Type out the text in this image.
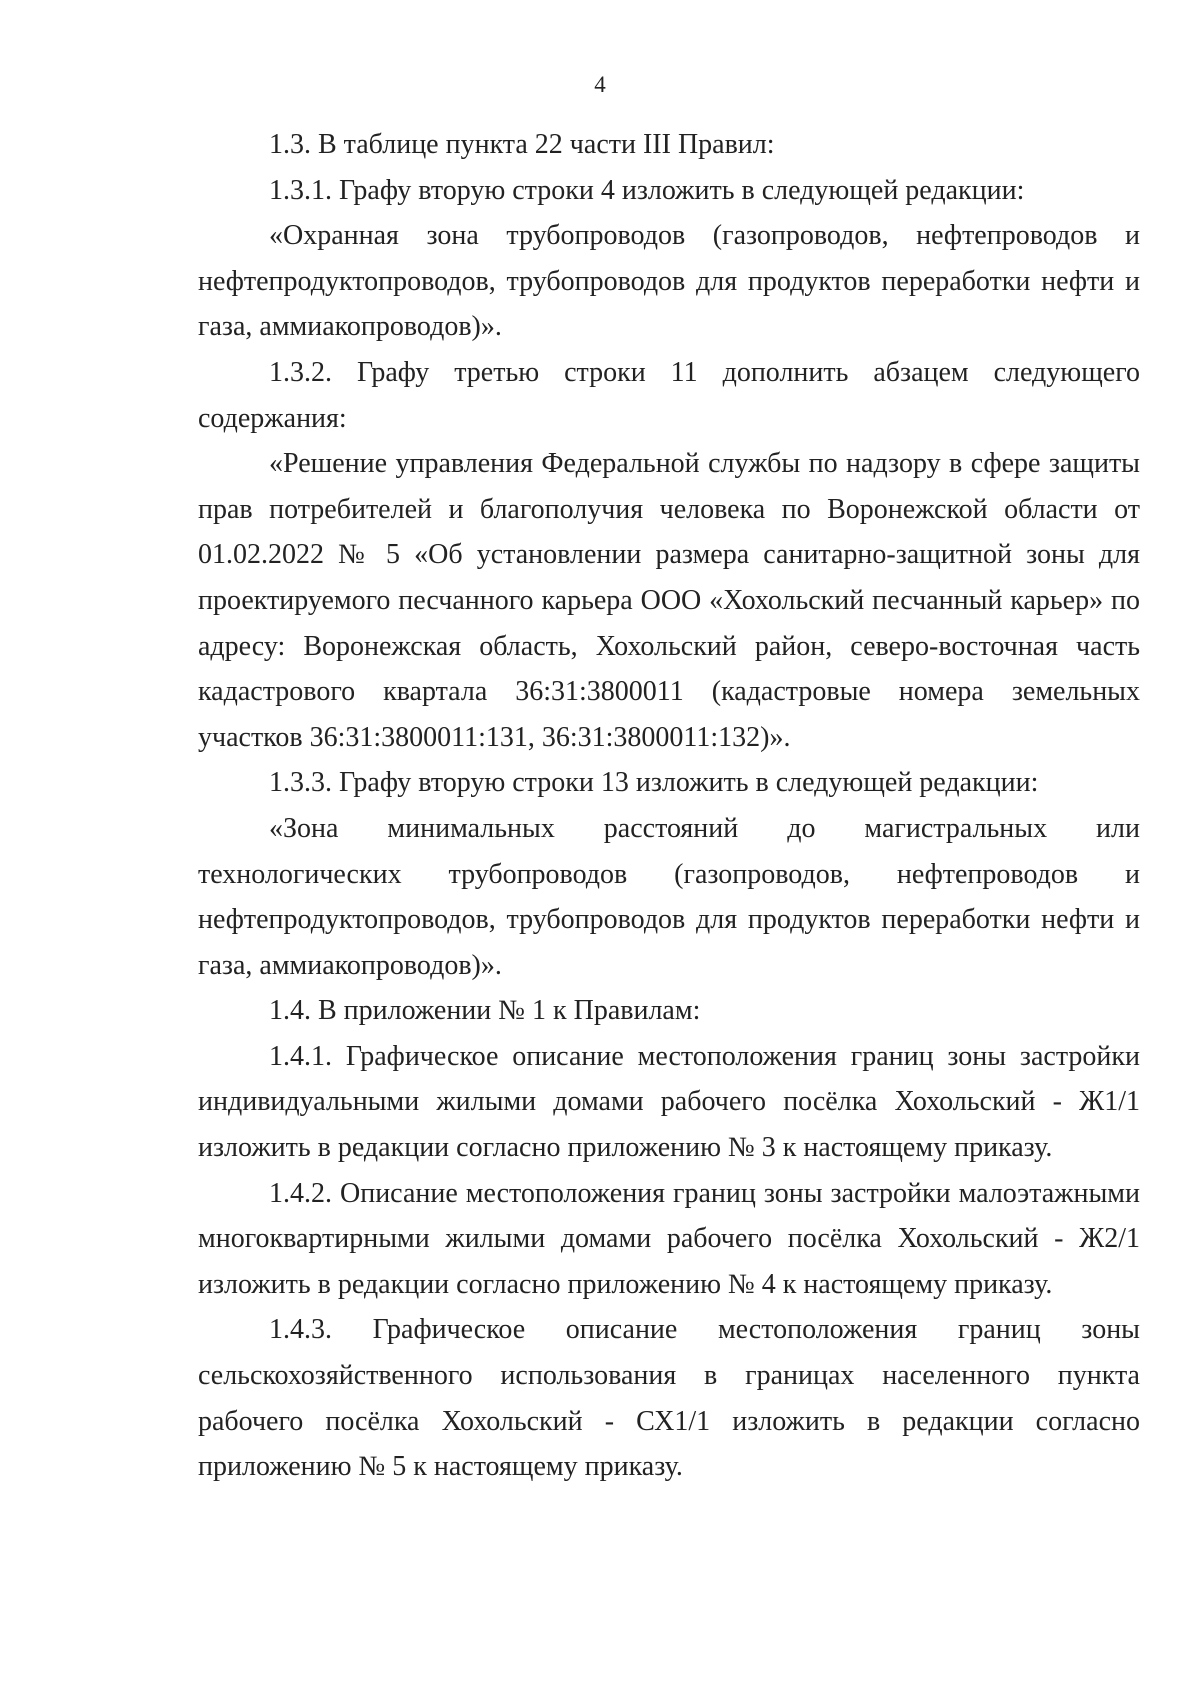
4

1.3. В таблице пункта 22 части III Правил:

1.3.1. Графу вторую строки 4 изложить в следующей редакции:

«Охранная зона трубопроводов (газопроводов, нефтепроводов и нефтепродуктопроводов, трубопроводов для продуктов переработки нефти и газа, аммиакопроводов)».

1.3.2. Графу третью строки 11 дополнить абзацем следующего содержания:

«Решение управления Федеральной службы по надзору в сфере защиты прав потребителей и благополучия человека по Воронежской области от 01.02.2022 № 5 «Об установлении размера санитарно-защитной зоны для проектируемого песчанного карьера ООО «Хохольский песчанный карьер» по адресу: Воронежская область, Хохольский район, северо-восточная часть кадастрового квартала 36:31:3800011 (кадастровые номера земельных участков 36:31:3800011:131, 36:31:3800011:132)».

1.3.3. Графу вторую строки 13 изложить в следующей редакции:

«Зона минимальных расстояний до магистральных или технологических трубопроводов (газопроводов, нефтепроводов и нефтепродуктопроводов, трубопроводов для продуктов переработки нефти и газа, аммиакопроводов)».

1.4. В приложении № 1 к Правилам:

1.4.1. Графическое описание местоположения границ зоны застройки индивидуальными жилыми домами рабочего посёлка Хохольский - Ж1/1 изложить в редакции согласно приложению № 3 к настоящему приказу.

1.4.2. Описание местоположения границ зоны застройки малоэтажными многоквартирными жилыми домами рабочего посёлка Хохольский - Ж2/1 изложить в редакции согласно приложению № 4 к настоящему приказу.

1.4.3. Графическое описание местоположения границ зоны сельскохозяйственного использования в границах населенного пункта рабочего посёлка Хохольский - СХ1/1 изложить в редакции согласно приложению № 5 к настоящему приказу.
